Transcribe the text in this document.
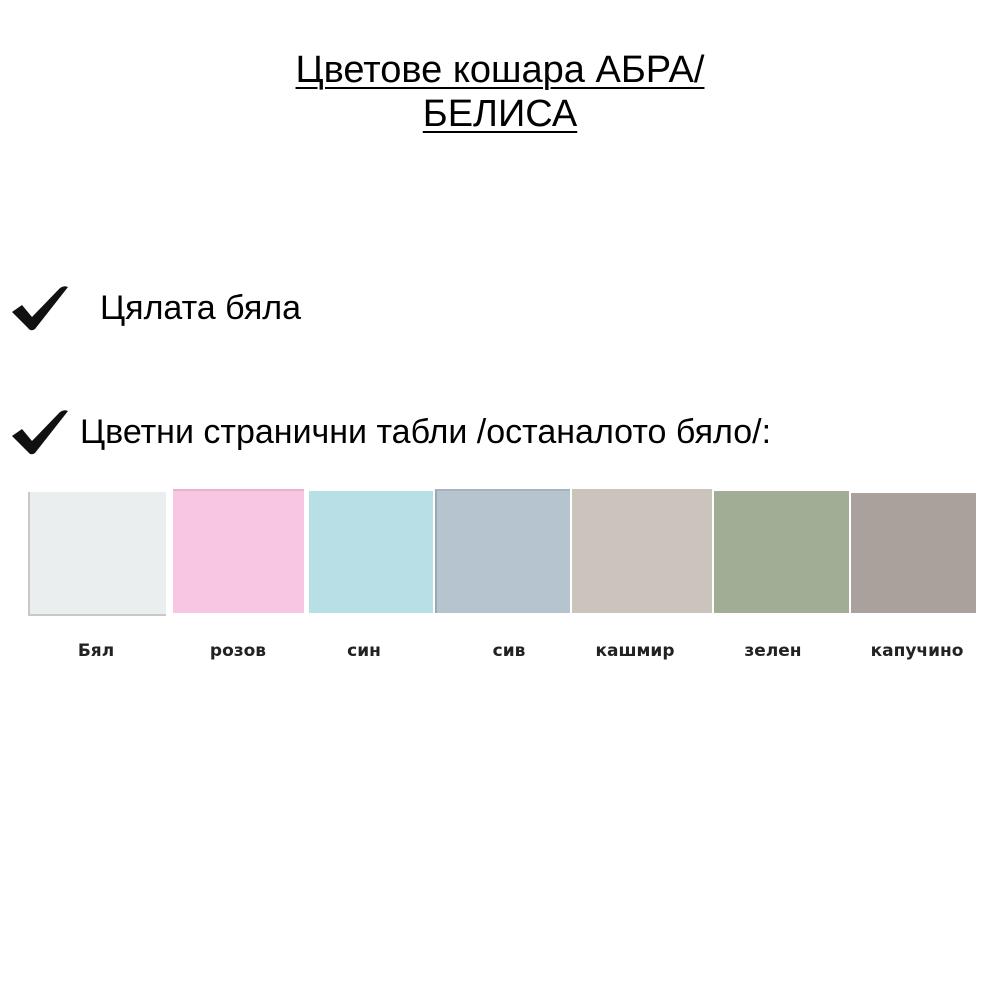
Цветове кошара АБРА/
БЕЛИСА
Цялата бяла
Цветни странични табли /останалото бяло/:
Бял	розов	син	сив	кашмир	зелен	капучино
